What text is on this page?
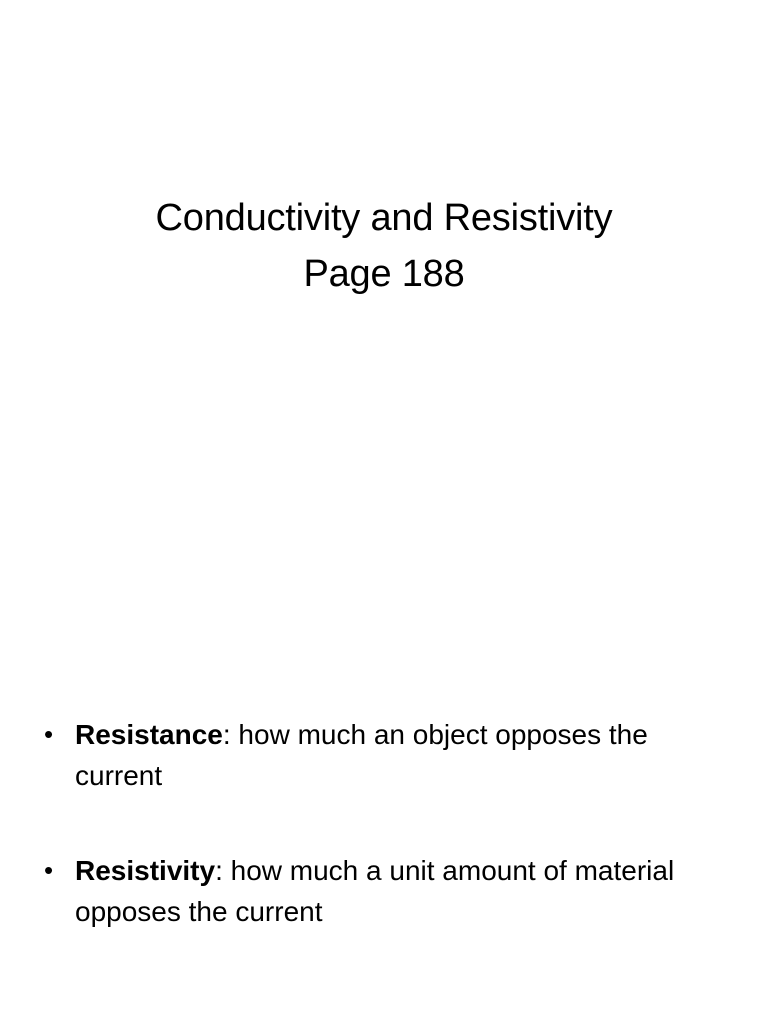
Conductivity and Resistivity
Page 188
• Resistance: how much an object opposes the current
• Resistivity: how much a unit amount of material opposes the current
